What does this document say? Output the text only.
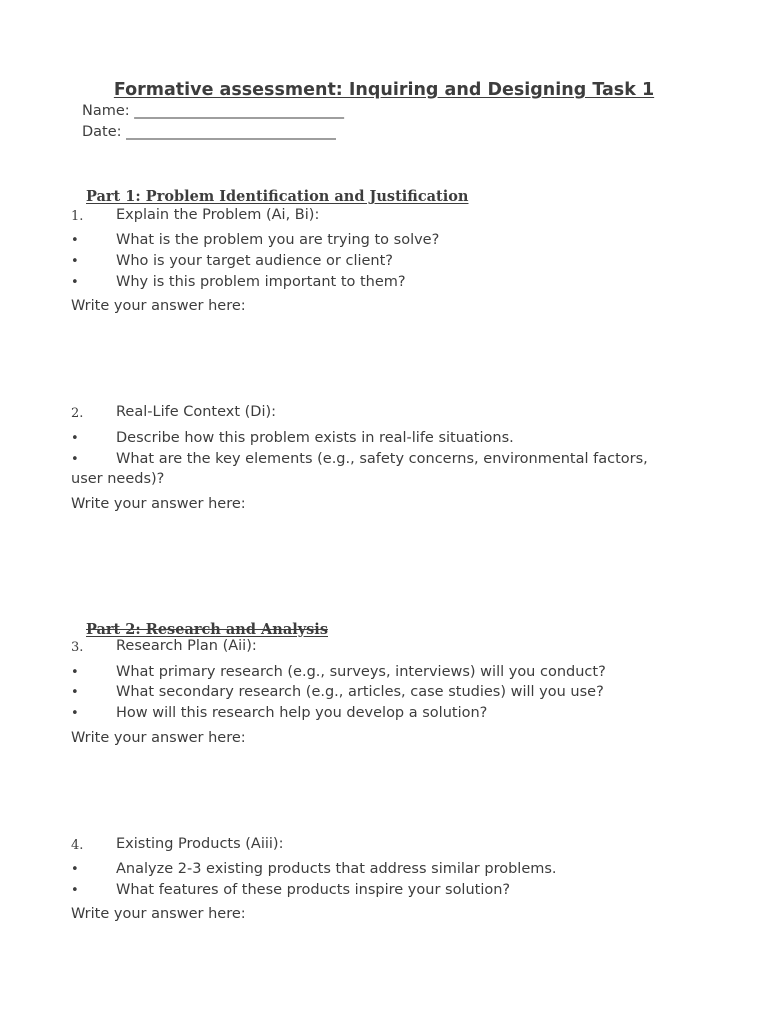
Formative assessment: Inquiring and Designing Task 1
Name: _______________________________
Date: _______________________________
Part 1: Problem Identification and Justification
1. Explain the Problem (Ai, Bi):
•	What is the problem you are trying to solve?
•	Who is your target audience or client?
•	Why is this problem important to them?
Write your answer here:
2. Real-Life Context (Di):
•	Describe how this problem exists in real-life situations.
•	What are the key elements (e.g., safety concerns, environmental factors,
user needs)?
Write your answer here:
Part 2: Research and Analysis
3. Research Plan (Aii):
•	What primary research (e.g., surveys, interviews) will you conduct?
•	What secondary research (e.g., articles, case studies) will you use?
•	How will this research help you develop a solution?
Write your answer here:
4. Existing Products (Aiii):
•	Analyze 2-3 existing products that address similar problems.
•	What features of these products inspire your solution?
Write your answer here:
